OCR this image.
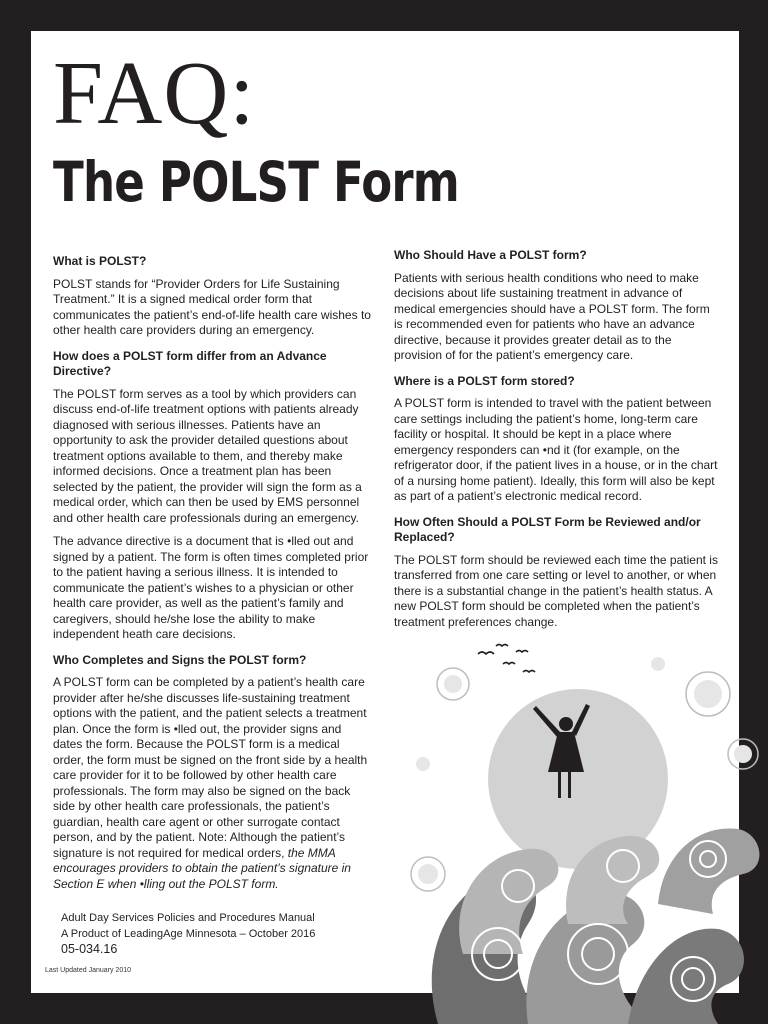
FAQ:
The POLST Form
What is POLST?

POLST stands for “Provider Orders for Life Sustaining Treatment.” It is a signed medical order form that communicates the patient’s end-of-life health care wishes to other health care providers during an emergency.

How does a POLST form differ from an Advance Directive?

The POLST form serves as a tool by which providers can discuss end-of-life treatment options with patients already diagnosed with serious illnesses. Patients have an opportunity to ask the provider detailed questions about treatment options available to them, and thereby make informed decisions. Once a treatment plan has been selected by the patient, the provider will sign the form as a medical order, which can then be used by EMS personnel and other health care professionals during an emergency.

The advance directive is a document that is •lled out and signed by a patient. The form is often times completed prior to the patient having a serious illness. It is intended to communicate the patient’s wishes to a physician or other health care provider, as well as the patient’s family and caregivers, should he/she lose the ability to make independent heath care decisions.

Who Completes and Signs the POLST form?

A POLST form can be completed by a patient’s health care provider after he/she discusses life-sustaining treatment options with the patient, and the patient selects a treatment plan. Once the form is •lled out, the provider signs and dates the form. Because the POLST form is a medical order, the form must be signed on the front side by a health care provider for it to be followed by other health care professionals. The form may also be signed on the back side by other health care professionals, the patient’s guardian, health care agent or other surrogate contact person, and by the patient. Note: Although the patient’s signature is not required for medical orders, the MMA encourages providers to obtain the patient’s signature in Section E when •lling out the POLST form.

Who Should Have a POLST form?

Patients with serious health conditions who need to make decisions about life sustaining treatment in advance of medical emergencies should have a POLST form. The form is recommended even for patients who have an advance directive, because it provides greater detail as to the provision of for the patient’s emergency care.

Where is a POLST form stored?

A POLST form is intended to travel with the patient between care settings including the patient’s home, long-term care facility or hospital. It should be kept in a place where emergency responders can •nd it (for example, on the refrigerator door, if the patient lives in a house, or in the chart of a nursing home patient). Ideally, this form will also be kept as part of a patient’s electronic medical record.

How Often Should a POLST Form be Reviewed and/or Replaced?

The POLST form should be reviewed each time the patient is transferred from one care setting or level to another, or when there is a substantial change in the patient’s health status. A new POLST form should be completed when the patient’s treatment preferences change.

Adult Day Services Policies and Procedures Manual
A Product of LeadingAge Minnesota – October 2016
05-034.16
Last Updated January 2010
